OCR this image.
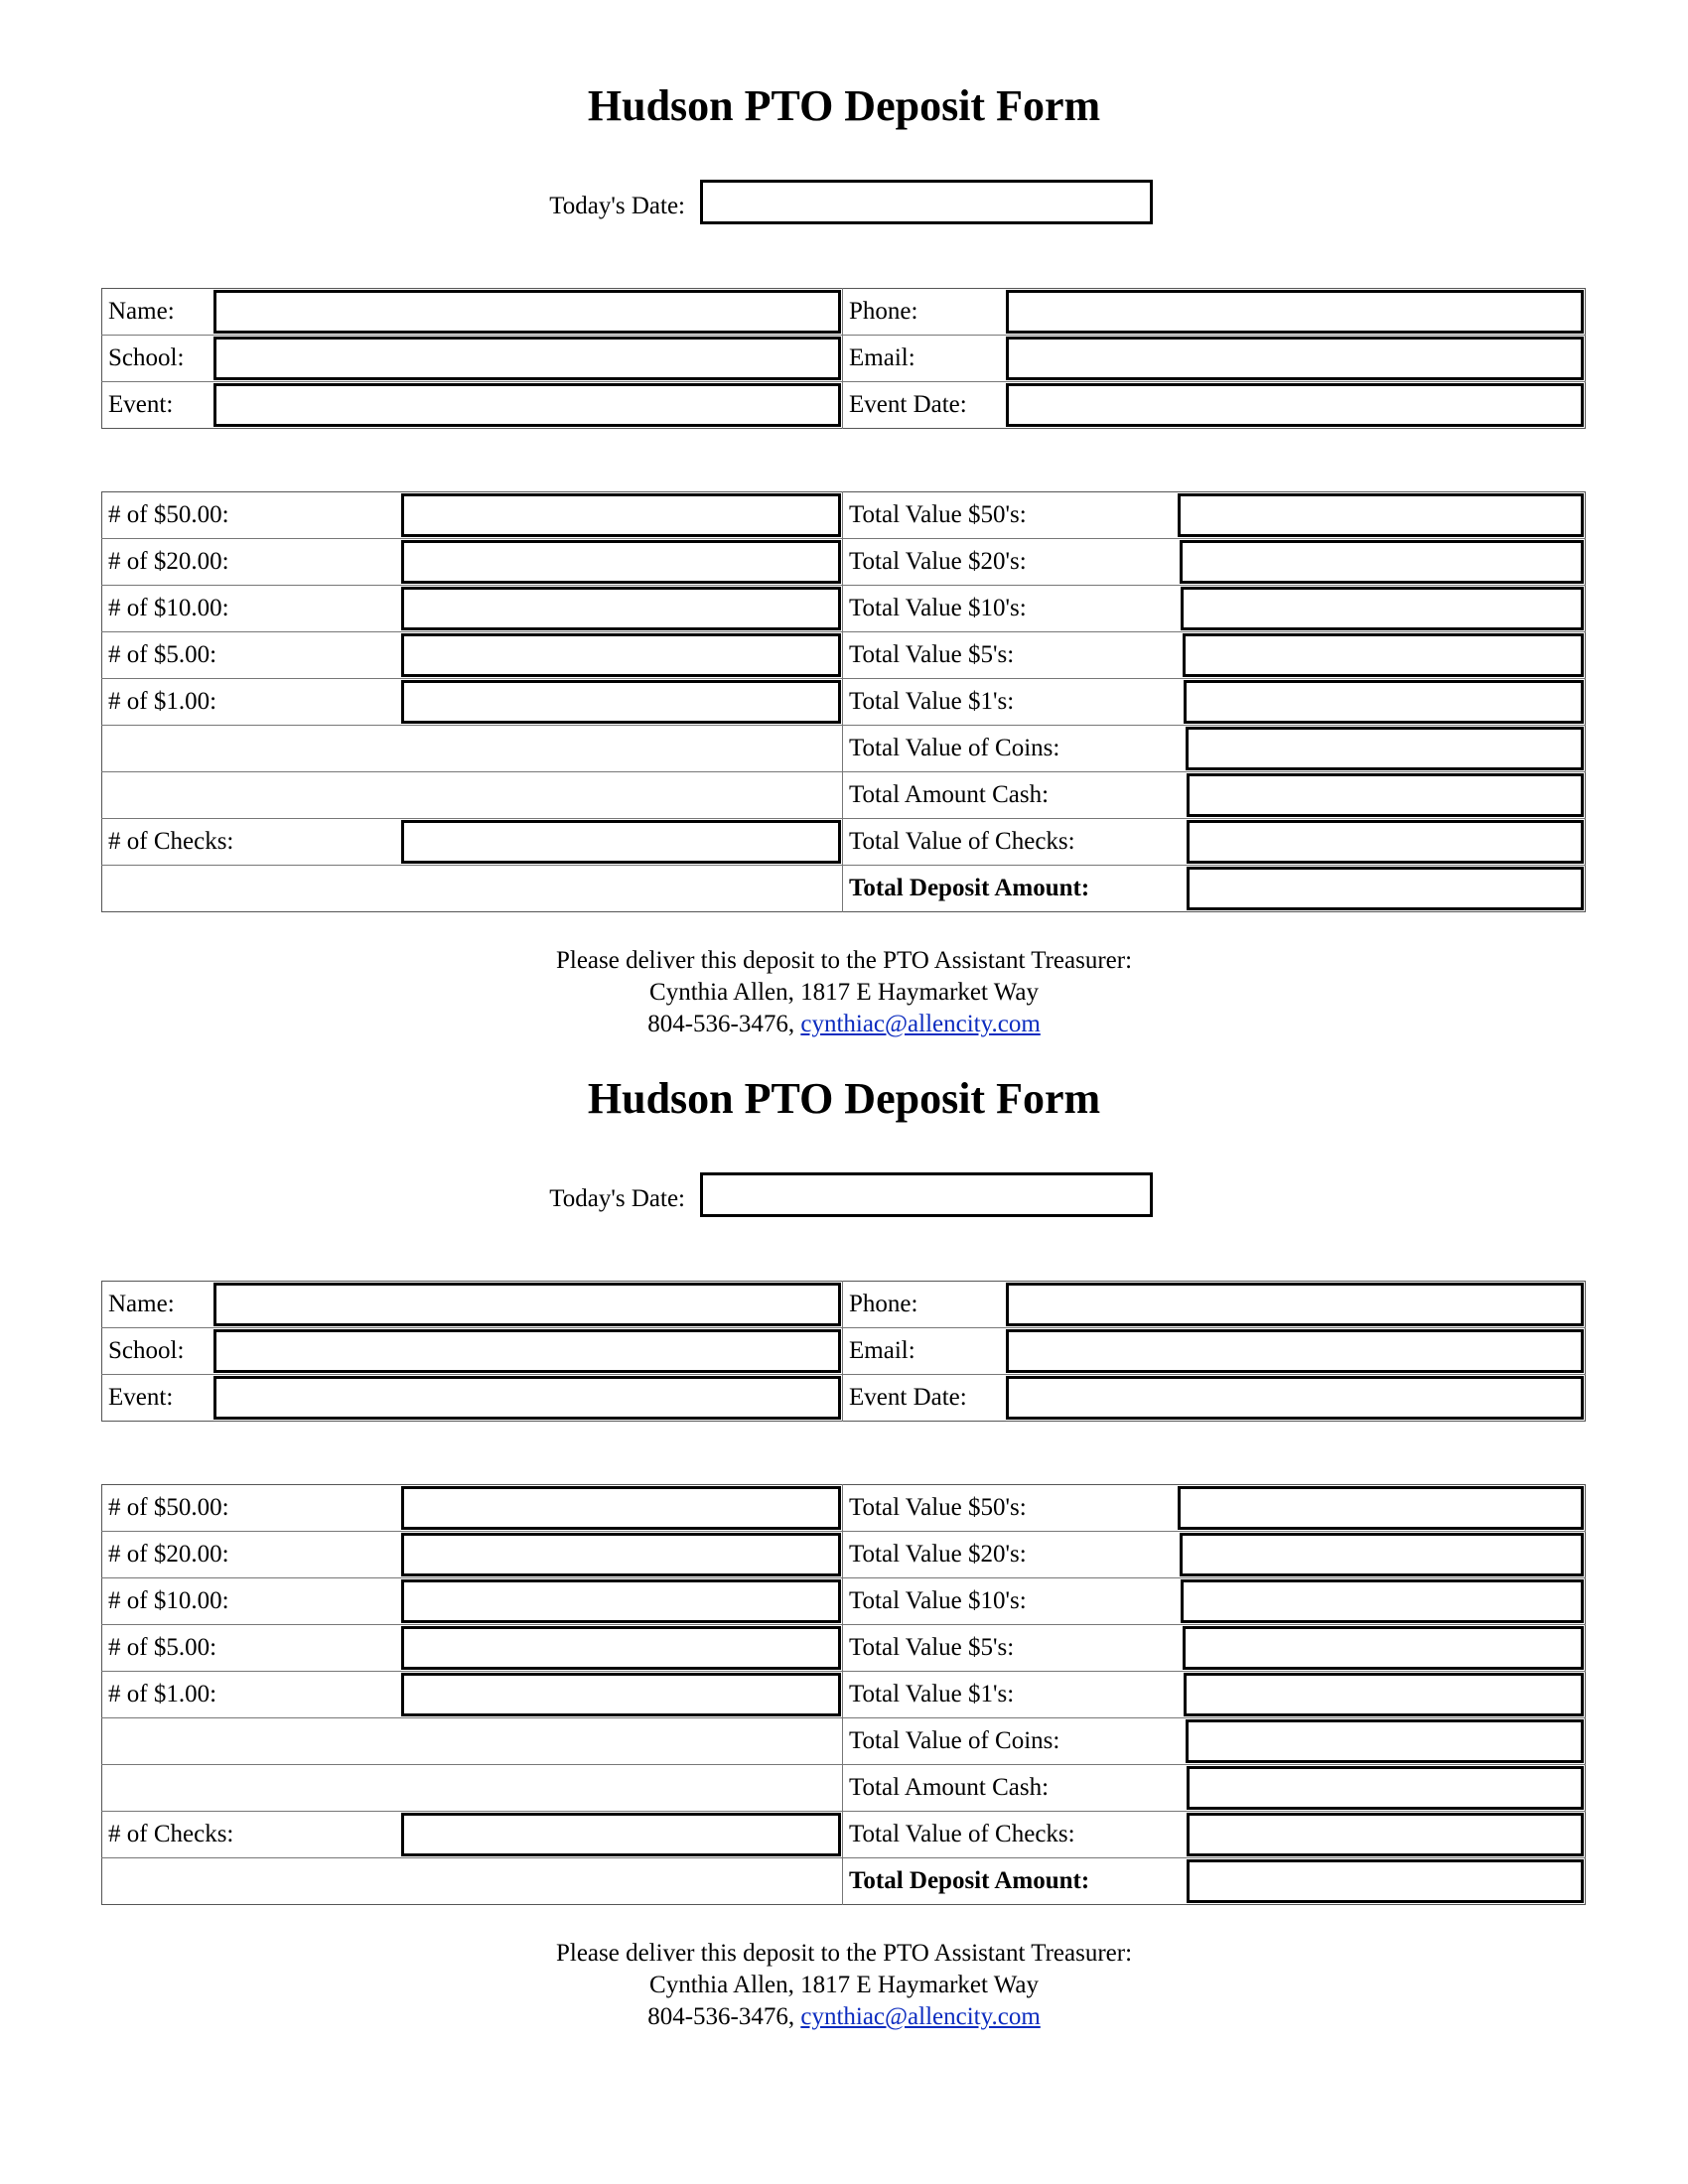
Hudson PTO Deposit Form
Today's Date:
Name:
School:
Event:
Phone:
Email:
Event Date:
# of $50.00:
# of $20.00:
# of $10.00:
# of $5.00:
# of $1.00:
# of Checks:
Total Value $50's:
Total Value $20's:
Total Value $10's:
Total Value $5's:
Total Value $1's:
Total Value of Coins:
Total Amount Cash:
Total Value of Checks:
Total Deposit Amount:
Please deliver this deposit to the PTO Assistant Treasurer:
Cynthia Allen, 1817 E Haymarket Way
804-536-3476, cynthiac@allencity.com
Hudson PTO Deposit Form
Today's Date:
Name:
School:
Event:
Phone:
Email:
Event Date:
# of $50.00:
# of $20.00:
# of $10.00:
# of $5.00:
# of $1.00:
# of Checks:
Total Value $50's:
Total Value $20's:
Total Value $10's:
Total Value $5's:
Total Value $1's:
Total Value of Coins:
Total Amount Cash:
Total Value of Checks:
Total Deposit Amount:
Please deliver this deposit to the PTO Assistant Treasurer:
Cynthia Allen, 1817 E Haymarket Way
804-536-3476, cynthiac@allencity.com
